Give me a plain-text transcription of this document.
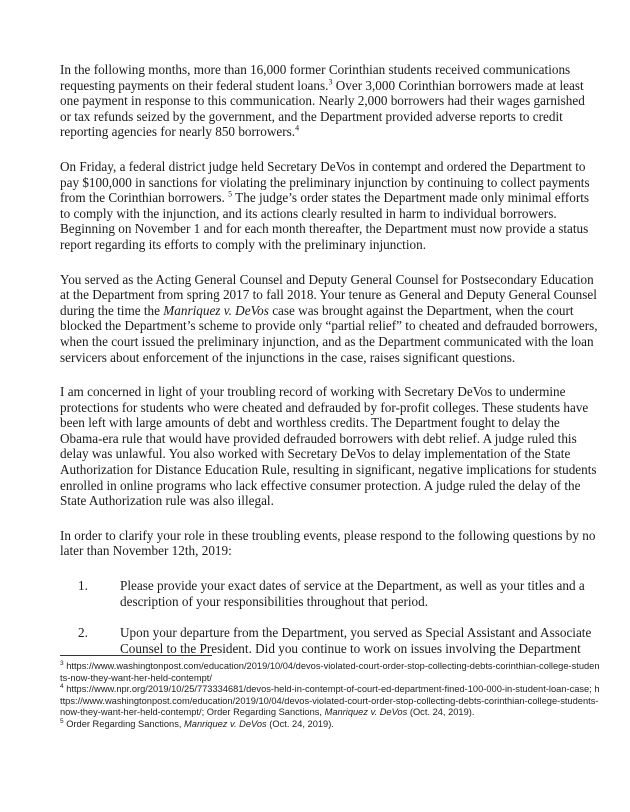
In the following months, more than 16,000 former Corinthian students received communications requesting payments on their federal student loans.$^3$ Over 3,000 Corinthian borrowers made at least one payment in response to this communication. Nearly 2,000 borrowers had their wages garnished or tax refunds seized by the government, and the Department provided adverse reports to credit reporting agencies for nearly 850 borrowers.$^4$

On Friday, a federal district judge held Secretary DeVos in contempt and ordered the Department to pay $100,000 in sanctions for violating the preliminary injunction by continuing to collect payments from the Corinthian borrowers. $^5$ The judge’s order states the Department made only minimal efforts to comply with the injunction, and its actions clearly resulted in harm to individual borrowers. Beginning on November 1 and for each month thereafter, the Department must now provide a status report regarding its efforts to comply with the preliminary injunction.

You served as the Acting General Counsel and Deputy General Counsel for Postsecondary Education at the Department from spring 2017 to fall 2018. Your tenure as General and Deputy General Counsel during the time the Manriquez v. DeVos case was brought against the Department, when the court blocked the Department’s scheme to provide only “partial relief” to cheated and defrauded borrowers, when the court issued the preliminary injunction, and as the Department communicated with the loan servicers about enforcement of the injunctions in the case, raises significant questions.

I am concerned in light of your troubling record of working with Secretary DeVos to undermine protections for students who were cheated and defrauded by for-profit colleges. These students have been left with large amounts of debt and worthless credits. The Department fought to delay the Obama-era rule that would have provided defrauded borrowers with debt relief. A judge ruled this delay was unlawful. You also worked with Secretary DeVos to delay implementation of the State Authorization for Distance Education Rule, resulting in significant, negative implications for students enrolled in online programs who lack effective consumer protection. A judge ruled the delay of the State Authorization rule was also illegal.

In order to clarify your role in these troubling events, please respond to the following questions by no later than November 12th, 2019:

1.	Please provide your exact dates of service at the Department, as well as your titles and a description of your responsibilities throughout that period.
2.	Upon your departure from the Department, you served as Special Assistant and Associate Counsel to the President. Did you continue to work on issues involving the Department

$^3$ https://www.washingtonpost.com/education/2019/10/04/devos-violated-court-order-stop-collecting-debts-corinthian-college-students-now-they-want-her-held-contempt/

$^4$ https://www.npr.org/2019/10/25/773334681/devos-held-in-contempt-of-court-ed-department-fined-100-000-in-student-loan-case; https://www.washingtonpost.com/education/2019/10/04/devos-violated-court-order-stop-collecting-debts-corinthian-college-students-now-they-want-her-held-contempt/; Order Regarding Sanctions, Manriquez v. DeVos (Oct. 24, 2019).

$^5$ Order Regarding Sanctions, Manriquez v. DeVos (Oct. 24, 2019).
